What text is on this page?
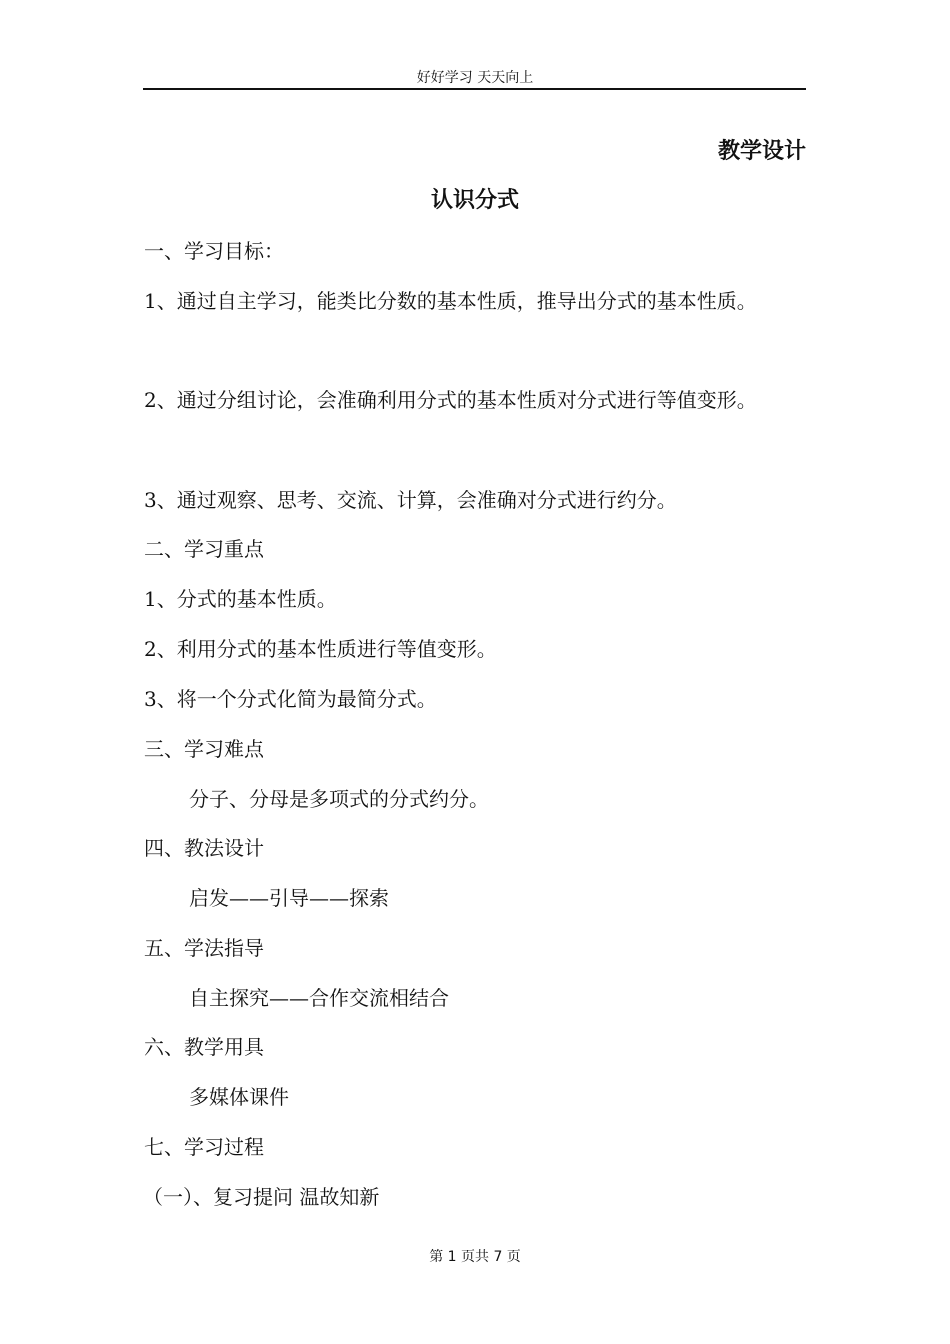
好好学习 天天向上
教学设计
认识分式
一、学习目标：
1、通过自主学习，能类比分数的基本性质，推导出分式的基本性质。
2、通过分组讨论，会准确利用分式的基本性质对分式进行等值变形。
3、通过观察、思考、交流、计算，会准确对分式进行约分。
二、学习重点
1、分式的基本性质。
2、利用分式的基本性质进行等值变形。
3、将一个分式化简为最简分式。
三、学习难点
分子、分母是多项式的分式约分。
四、教法设计
启发——引导——探索
五、学法指导
自主探究——合作交流相结合
六、教学用具
多媒体课件
七、学习过程
（一）、复习提问 温故知新
第 1 页共 7 页
